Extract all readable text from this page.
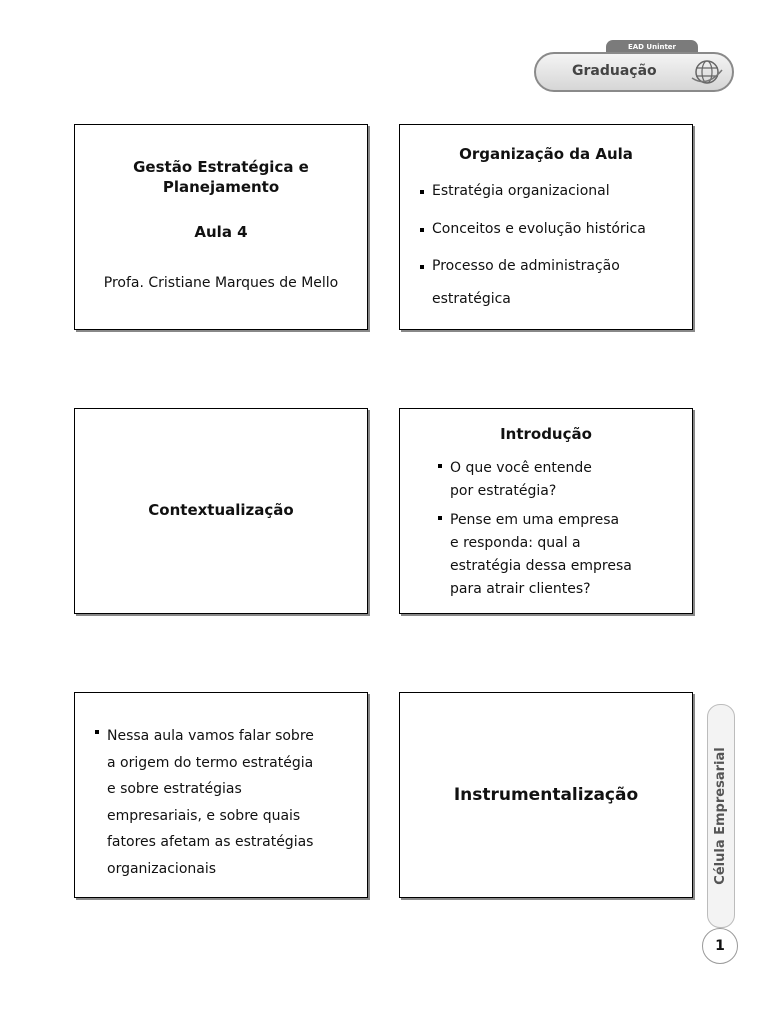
EAD Uninter
Graduação
Gestão Estratégica e
Planejamento
Aula 4
Profa. Cristiane Marques de Mello
Organização da Aula
Estratégia organizacional
Conceitos e evolução histórica
Processo de administração
estratégica
Contextualização
Introdução
O que você entende
por estratégia?
Pense em uma empresa
e responda: qual a
estratégia dessa empresa
para atrair clientes?
Nessa aula vamos falar sobre
a origem do termo estratégia
e sobre estratégias
empresariais, e sobre quais
fatores afetam as estratégias
organizacionais
Instrumentalização	Célula Empresarial
1
